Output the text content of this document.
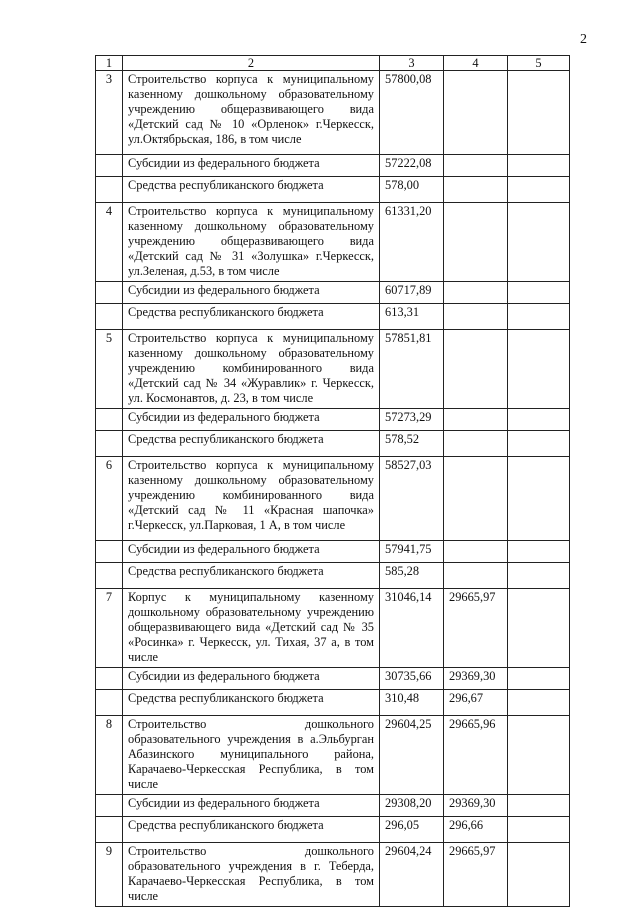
2
1	2	3	4	5
3	Строительство корпуса к муниципальному казенному дошкольному образовательному учреждению общеразвивающего вида «Детский сад № 10 «Орленок» г.Черкесск, ул.Октябрьская, 186, в том числе	57800,08		
	Субсидии из федерального бюджета	57222,08		
	Средства республиканского бюджета	578,00		
4	Строительство корпуса к муниципальному казенному дошкольному образовательному учреждению общеразвивающего вида «Детский сад № 31 «Золушка» г.Черкесск, ул.Зеленая, д.53, в том числе	61331,20		
	Субсидии из федерального бюджета	60717,89		
	Средства республиканского бюджета	613,31		
5	Строительство корпуса к муниципальному казенному дошкольному образовательному учреждению комбинированного вида «Детский сад № 34 «Журавлик» г. Черкесск, ул. Космонавтов, д. 23, в том числе	57851,81		
	Субсидии из федерального бюджета	57273,29		
	Средства республиканского бюджета	578,52		
6	Строительство корпуса к муниципальному казенному дошкольному образовательному учреждению комбинированного вида «Детский сад № 11 «Красная шапочка» г.Черкесск, ул.Парковая, 1 А, в том числе	58527,03		
	Субсидии из федерального бюджета	57941,75		
	Средства республиканского бюджета	585,28		
7	Корпус к муниципальному казенному дошкольному образовательному учреждению общеразвивающего вида «Детский сад № 35 «Росинка» г. Черкесск, ул. Тихая, 37 а, в том числе	31046,14	29665,97	
	Субсидии из федерального бюджета	30735,66	29369,30	
	Средства республиканского бюджета	310,48	296,67	
8	Строительство дошкольного образовательного учреждения в а.Эльбурган Абазинского муниципального района, Карачаево-Черкесская Республика, в том числе	29604,25	29665,96	
	Субсидии из федерального бюджета	29308,20	29369,30	
	Средства республиканского бюджета	296,05	296,66	
9	Строительство дошкольного образовательного учреждения в г. Теберда, Карачаево-Черкесская Республика, в том числе	29604,24	29665,97	
